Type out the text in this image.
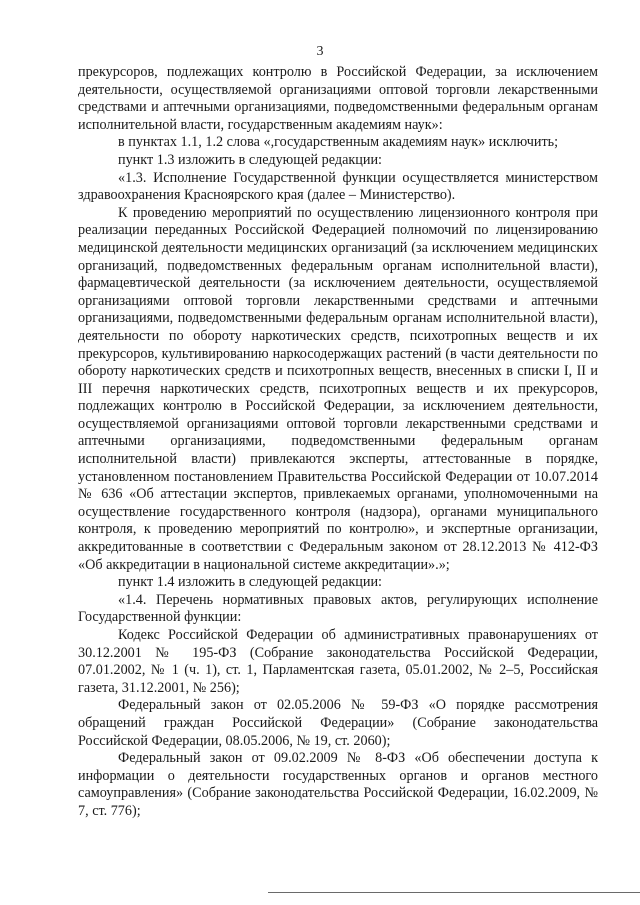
3

прекурсоров, подлежащих контролю в Российской Федерации, за исключением деятельности, осуществляемой организациями оптовой торговли лекарственными средствами и аптечными организациями, подведомственными федеральным органам исполнительной власти, государственным академиям наук»:

в пунктах 1.1, 1.2 слова «,государственным академиям наук» исключить;

пункт 1.3 изложить в следующей редакции:

«1.3. Исполнение Государственной функции осуществляется министерством здравоохранения Красноярского края (далее – Министерство).

К проведению мероприятий по осуществлению лицензионного контроля при реализации переданных Российской Федерацией полномочий по лицензированию медицинской деятельности медицинских организаций (за исключением медицинских организаций, подведомственных федеральным органам исполнительной власти), фармацевтической деятельности (за исключением деятельности, осуществляемой организациями оптовой торговли лекарственными средствами и аптечными организациями, подведомственными федеральным органам исполнительной власти), деятельности по обороту наркотических средств, психотропных веществ и их прекурсоров, культивированию наркосодержащих растений (в части деятельности по обороту наркотических средств и психотропных веществ, внесенных в списки I, II и III перечня наркотических средств, психотропных веществ и их прекурсоров, подлежащих контролю в Российской Федерации, за исключением деятельности, осуществляемой организациями оптовой торговли лекарственными средствами и аптечными организациями, подведомственными федеральным органам исполнительной власти) привлекаются эксперты, аттестованные в порядке, установленном постановлением Правительства Российской Федерации от 10.07.2014 № 636 «Об аттестации экспертов, привлекаемых органами, уполномоченными на осуществление государственного контроля (надзора), органами муниципального контроля, к проведению мероприятий по контролю», и экспертные организации, аккредитованные в соответствии с Федеральным законом от 28.12.2013 № 412-ФЗ «Об аккредитации в национальной системе аккредитации».»;

пункт 1.4 изложить в следующей редакции:

«1.4. Перечень нормативных правовых актов, регулирующих исполнение Государственной функции:

Кодекс Российской Федерации об административных правонарушениях от 30.12.2001 № 195-ФЗ (Собрание законодательства Российской Федерации, 07.01.2002, № 1 (ч. 1), ст. 1, Парламентская газета, 05.01.2002, № 2–5, Российская газета, 31.12.2001, № 256);

Федеральный закон от 02.05.2006 № 59-ФЗ «О порядке рассмотрения обращений граждан Российской Федерации» (Собрание законодательства Российской Федерации, 08.05.2006, № 19, ст. 2060);

Федеральный закон от 09.02.2009 № 8-ФЗ «Об обеспечении доступа к информации о деятельности государственных органов и органов местного самоуправления» (Собрание законодательства Российской Федерации, 16.02.2009, № 7, ст. 776);
